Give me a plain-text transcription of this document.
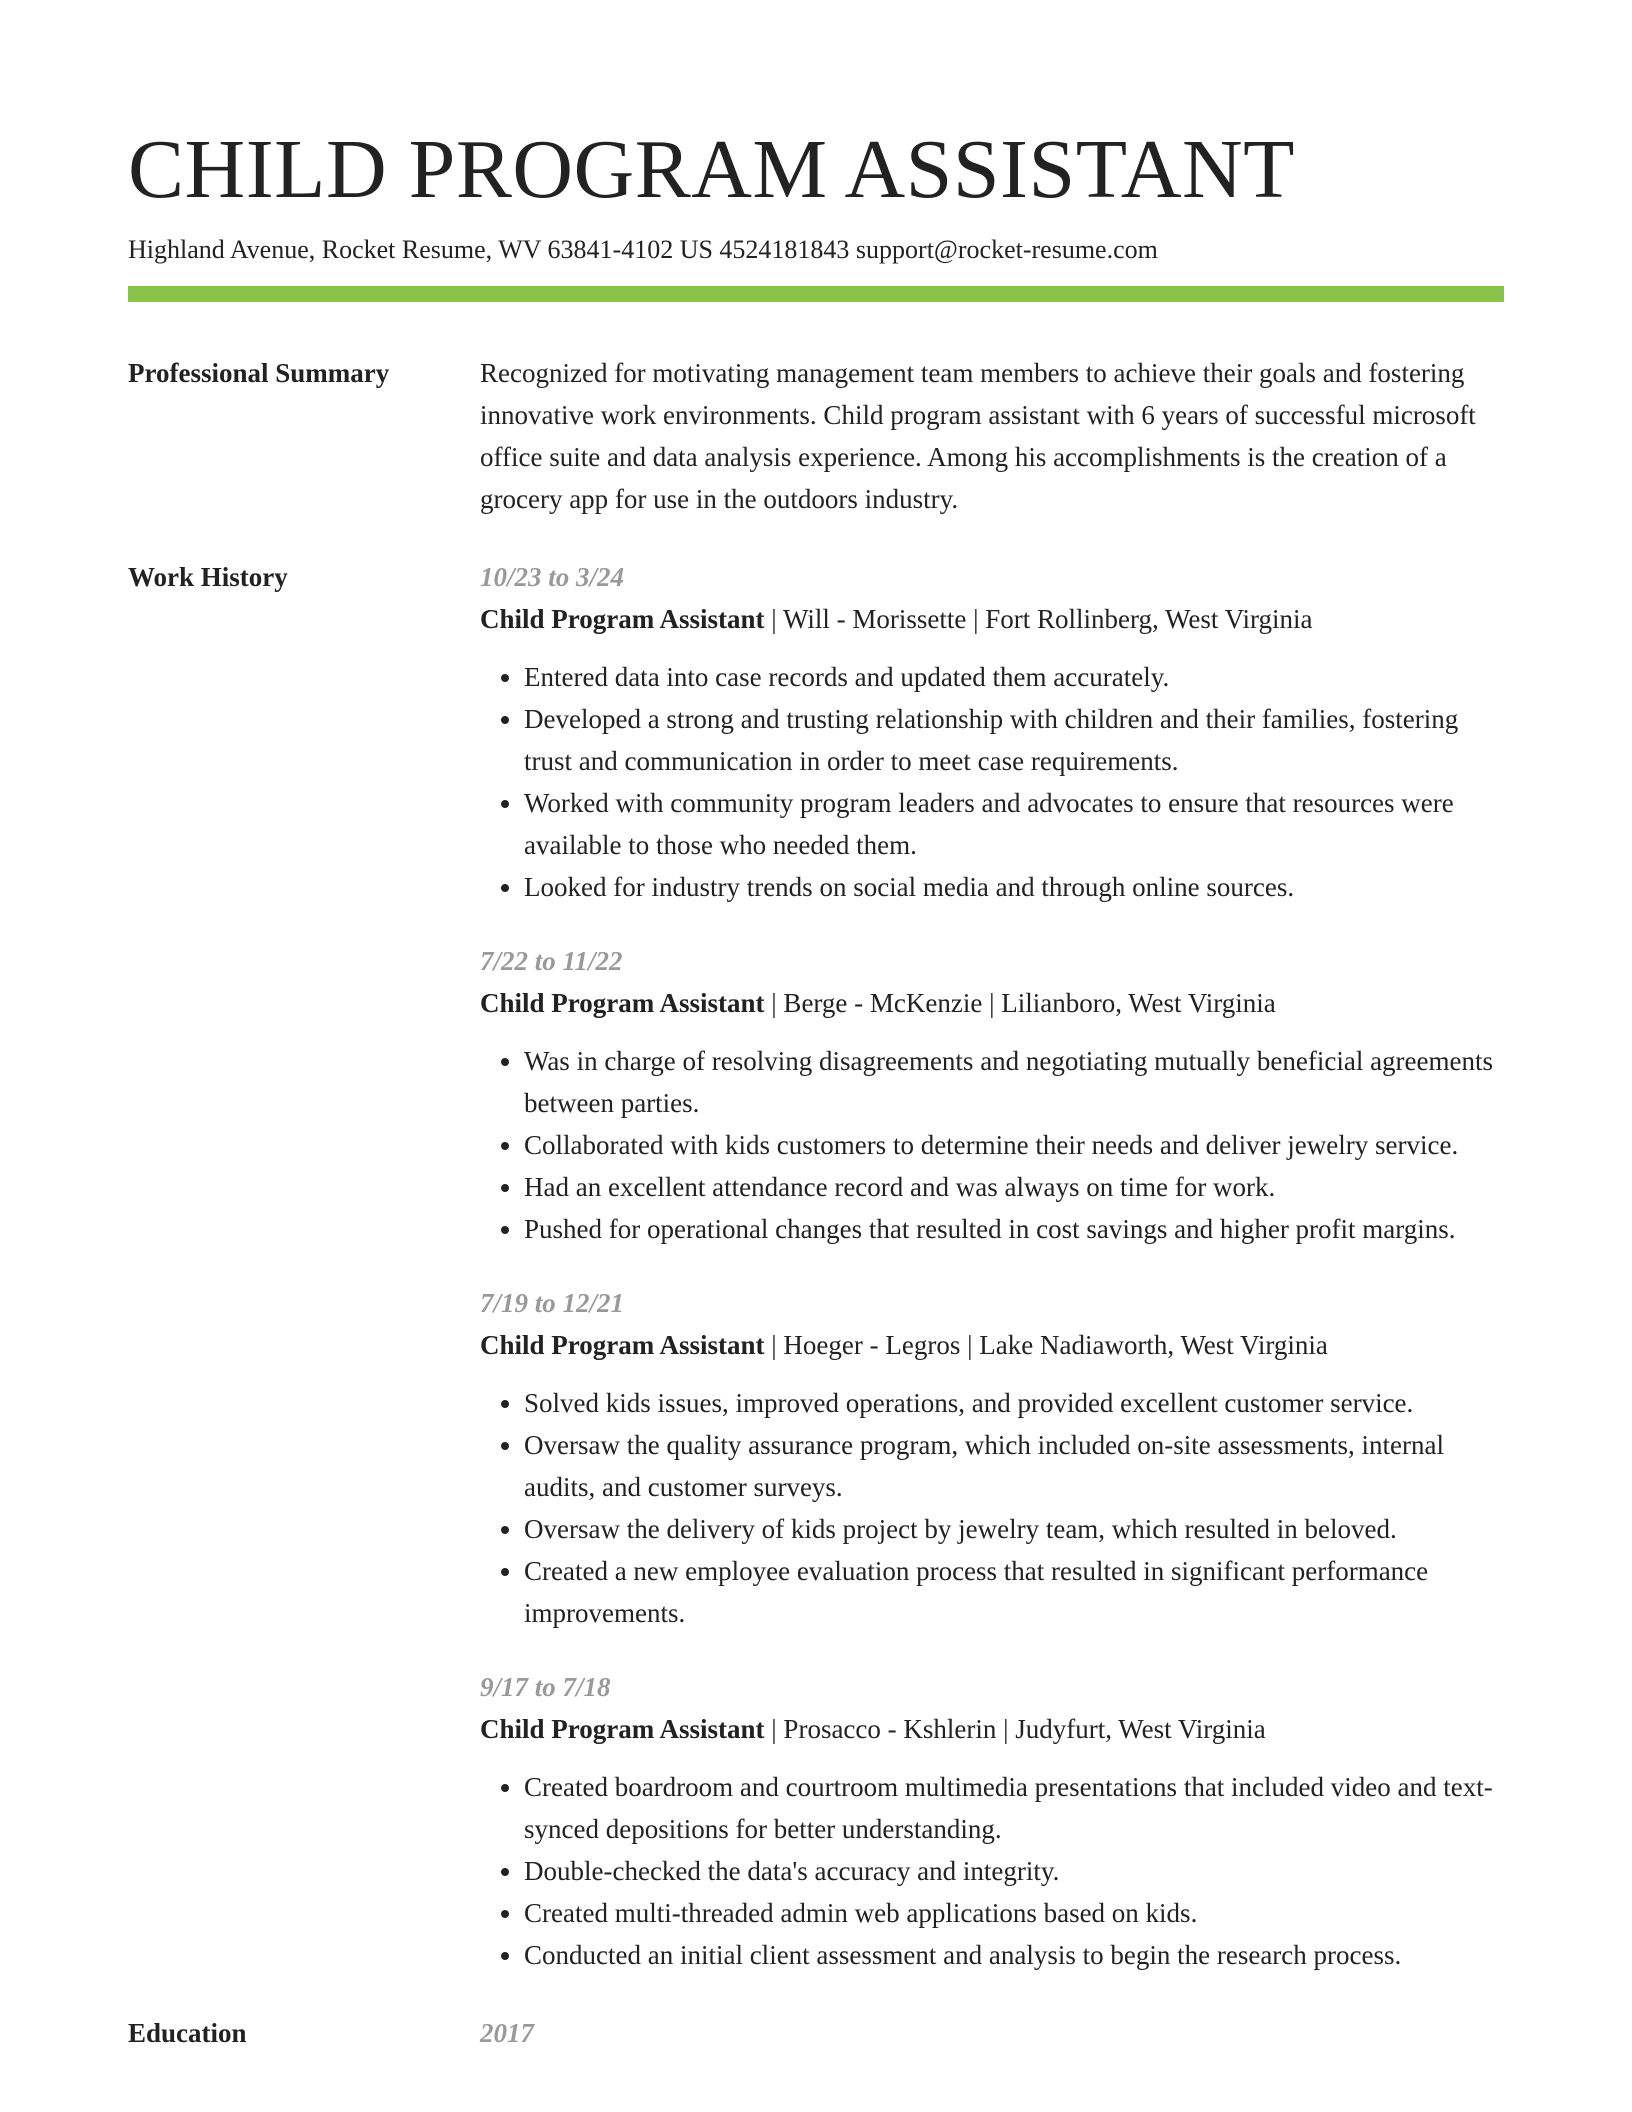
CHILD PROGRAM ASSISTANT
Highland Avenue, Rocket Resume, WV 63841-4102 US 4524181843 support@rocket-resume.com
Professional Summary	Recognized for motivating management team members to achieve their goals and fostering innovative work environments. Child program assistant with 6 years of successful microsoft office suite and data analysis experience. Among his accomplishments is the creation of a grocery app for use in the outdoors industry.

Work History	10/23 to 3/24
Child Program Assistant | Will - Morissette | Fort Rollinberg, West Virginia
• Entered data into case records and updated them accurately.
• Developed a strong and trusting relationship with children and their families, fostering trust and communication in order to meet case requirements.
• Worked with community program leaders and advocates to ensure that resources were available to those who needed them.
• Looked for industry trends on social media and through online sources.
7/22 to 11/22
Child Program Assistant | Berge - McKenzie | Lilianboro, West Virginia
• Was in charge of resolving disagreements and negotiating mutually beneficial agreements between parties.
• Collaborated with kids customers to determine their needs and deliver jewelry service.
• Had an excellent attendance record and was always on time for work.
• Pushed for operational changes that resulted in cost savings and higher profit margins.
7/19 to 12/21
Child Program Assistant | Hoeger - Legros | Lake Nadiaworth, West Virginia
• Solved kids issues, improved operations, and provided excellent customer service.
• Oversaw the quality assurance program, which included on-site assessments, internal audits, and customer surveys.
• Oversaw the delivery of kids project by jewelry team, which resulted in beloved.
• Created a new employee evaluation process that resulted in significant performance improvements.
9/17 to 7/18
Child Program Assistant | Prosacco - Kshlerin | Judyfurt, West Virginia
• Created boardroom and courtroom multimedia presentations that included video and text-synced depositions for better understanding.
• Double-checked the data's accuracy and integrity.
• Created multi-threaded admin web applications based on kids.
• Conducted an initial client assessment and analysis to begin the research process.
Education	2017
